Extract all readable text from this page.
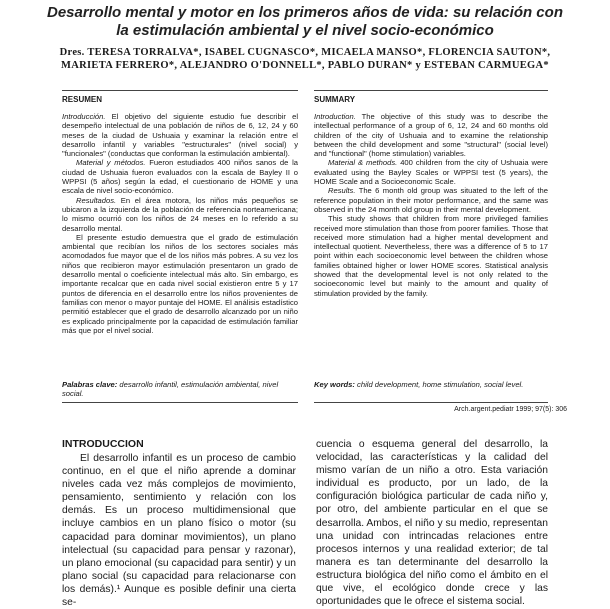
Desarrollo mental y motor en los primeros años de vida: su relación con la estimulación ambiental y el nivel socio-económico
Dres. TERESA TORRALVA*, ISABEL CUGNASCO*, MICAELA MANSO*, FLORENCIA SAUTON*, MARIETA FERRERO*, ALEJANDRO O'DONNELL*, PABLO DURAN* y ESTEBAN CARMUEGA*
RESUMEN	SUMMARY

Introducción. El objetivo del siguiente estudio fue describir el desempeño intelectual de una población de niños de 6, 12, 24 y 60 meses de la ciudad de Ushuaia y examinar la relación entre el desarrollo infantil y variables "estructurales" (nivel social) y "funcionales" (conductas que conforman la estimulación ambiental).

Material y métodos. Fueron estudiados 400 niños sanos de la ciudad de Ushuaia fueron evaluados con la escala de Bayley II o WPPSI (5 años) según la edad, el cuestionario de HOME y una escala de nivel socio-económico.

Resultados. En el área motora, los niños más pequeños se ubicaron a la izquierda de la población de referencia norteamericana; lo mismo ocurrió con los niños de 24 meses en lo referido a su desarrollo mental.

El presente estudio demuestra que el grado de estimulación ambiental que recibían los niños de los sectores sociales más acomodados fue mayor que el de los niños más pobres. A su vez los niños que recibieron mayor estimulación presentaron un grado de desarrollo mental o coeficiente intelectual más alto. Sin embargo, es importante recalcar que en cada nivel social existieron entre 5 y 17 puntos de diferencia en el desarrollo entre los niños provenientes de familias con menor o mayor puntaje del HOME. El análisis estadístico permitió establecer que el grado de desarrollo alcanzado por un niño es explicado principalmente por la capacidad de estimulación familiar más que por el nivel social.

Introduction. The objective of this study was to describe the intellectual performance of a group of 6, 12, 24 and 60 months old children of the city of Ushuaia and to examine the relationship between the child development and some "structural" (social level) and "functional" (home stimulation) variables.

Material & methods. 400 children from the city of Ushuaia were evaluated using the Bayley Scales or WPPSI test (5 years), the HOME Scale and a Socioeconomic Scale.

Results. The 6 month old group was situated to the left of the reference population in their motor performance, and the same was observed in the 24 month old group in their mental development.

This study shows that children from more privileged families received more stimulation than those from poorer families. Those that received more stimulation had a higher mental development and intellectual quotient. Nevertheless, there was a difference of 5 to 17 point within each socioeconomic level between the children whose families obtained higher or lower HOME scores. Statistical analysis showed that the developmental level is not only related to the socioeconomic level but mainly to the amount and quality of stimulation provided by the family.

Palabras clave: desarrollo infantil, estimulación ambiental, nivel social.
Key words: child development, home stimulation, social level.
Arch.argent.pediatr 1999; 97(5): 306
INTRODUCCION

El desarrollo infantil es un proceso de cambio continuo, en el que el niño aprende a dominar niveles cada vez más complejos de movimiento, pensamiento, sentimiento y relación con los demás. Es un proceso multidimensional que incluye cambios en un plano físico o motor (su capacidad para dominar movimientos), un plano intelectual (su capacidad para pensar y razonar), un plano emocional (su capacidad para sentir) y un plano social (su capacidad para relacionarse con los demás).¹ Aunque es posible definir una cierta se-

cuencia o esquema general del desarrollo, la velocidad, las características y la calidad del mismo varían de un niño a otro. Esta variación individual es producto, por un lado, de la configuración biológica particular de cada niño y, por otro, del ambiente particular en el que se desarrolla. Ambos, el niño y su medio, representan una unidad con intrincadas relaciones entre procesos internos y una realidad exterior; de tal manera es tan determinante del desarrollo la estructura biológica del niño como el ámbito en el que vive, el ecológico donde crece y las oportunidades que le ofrece el sistema social.
